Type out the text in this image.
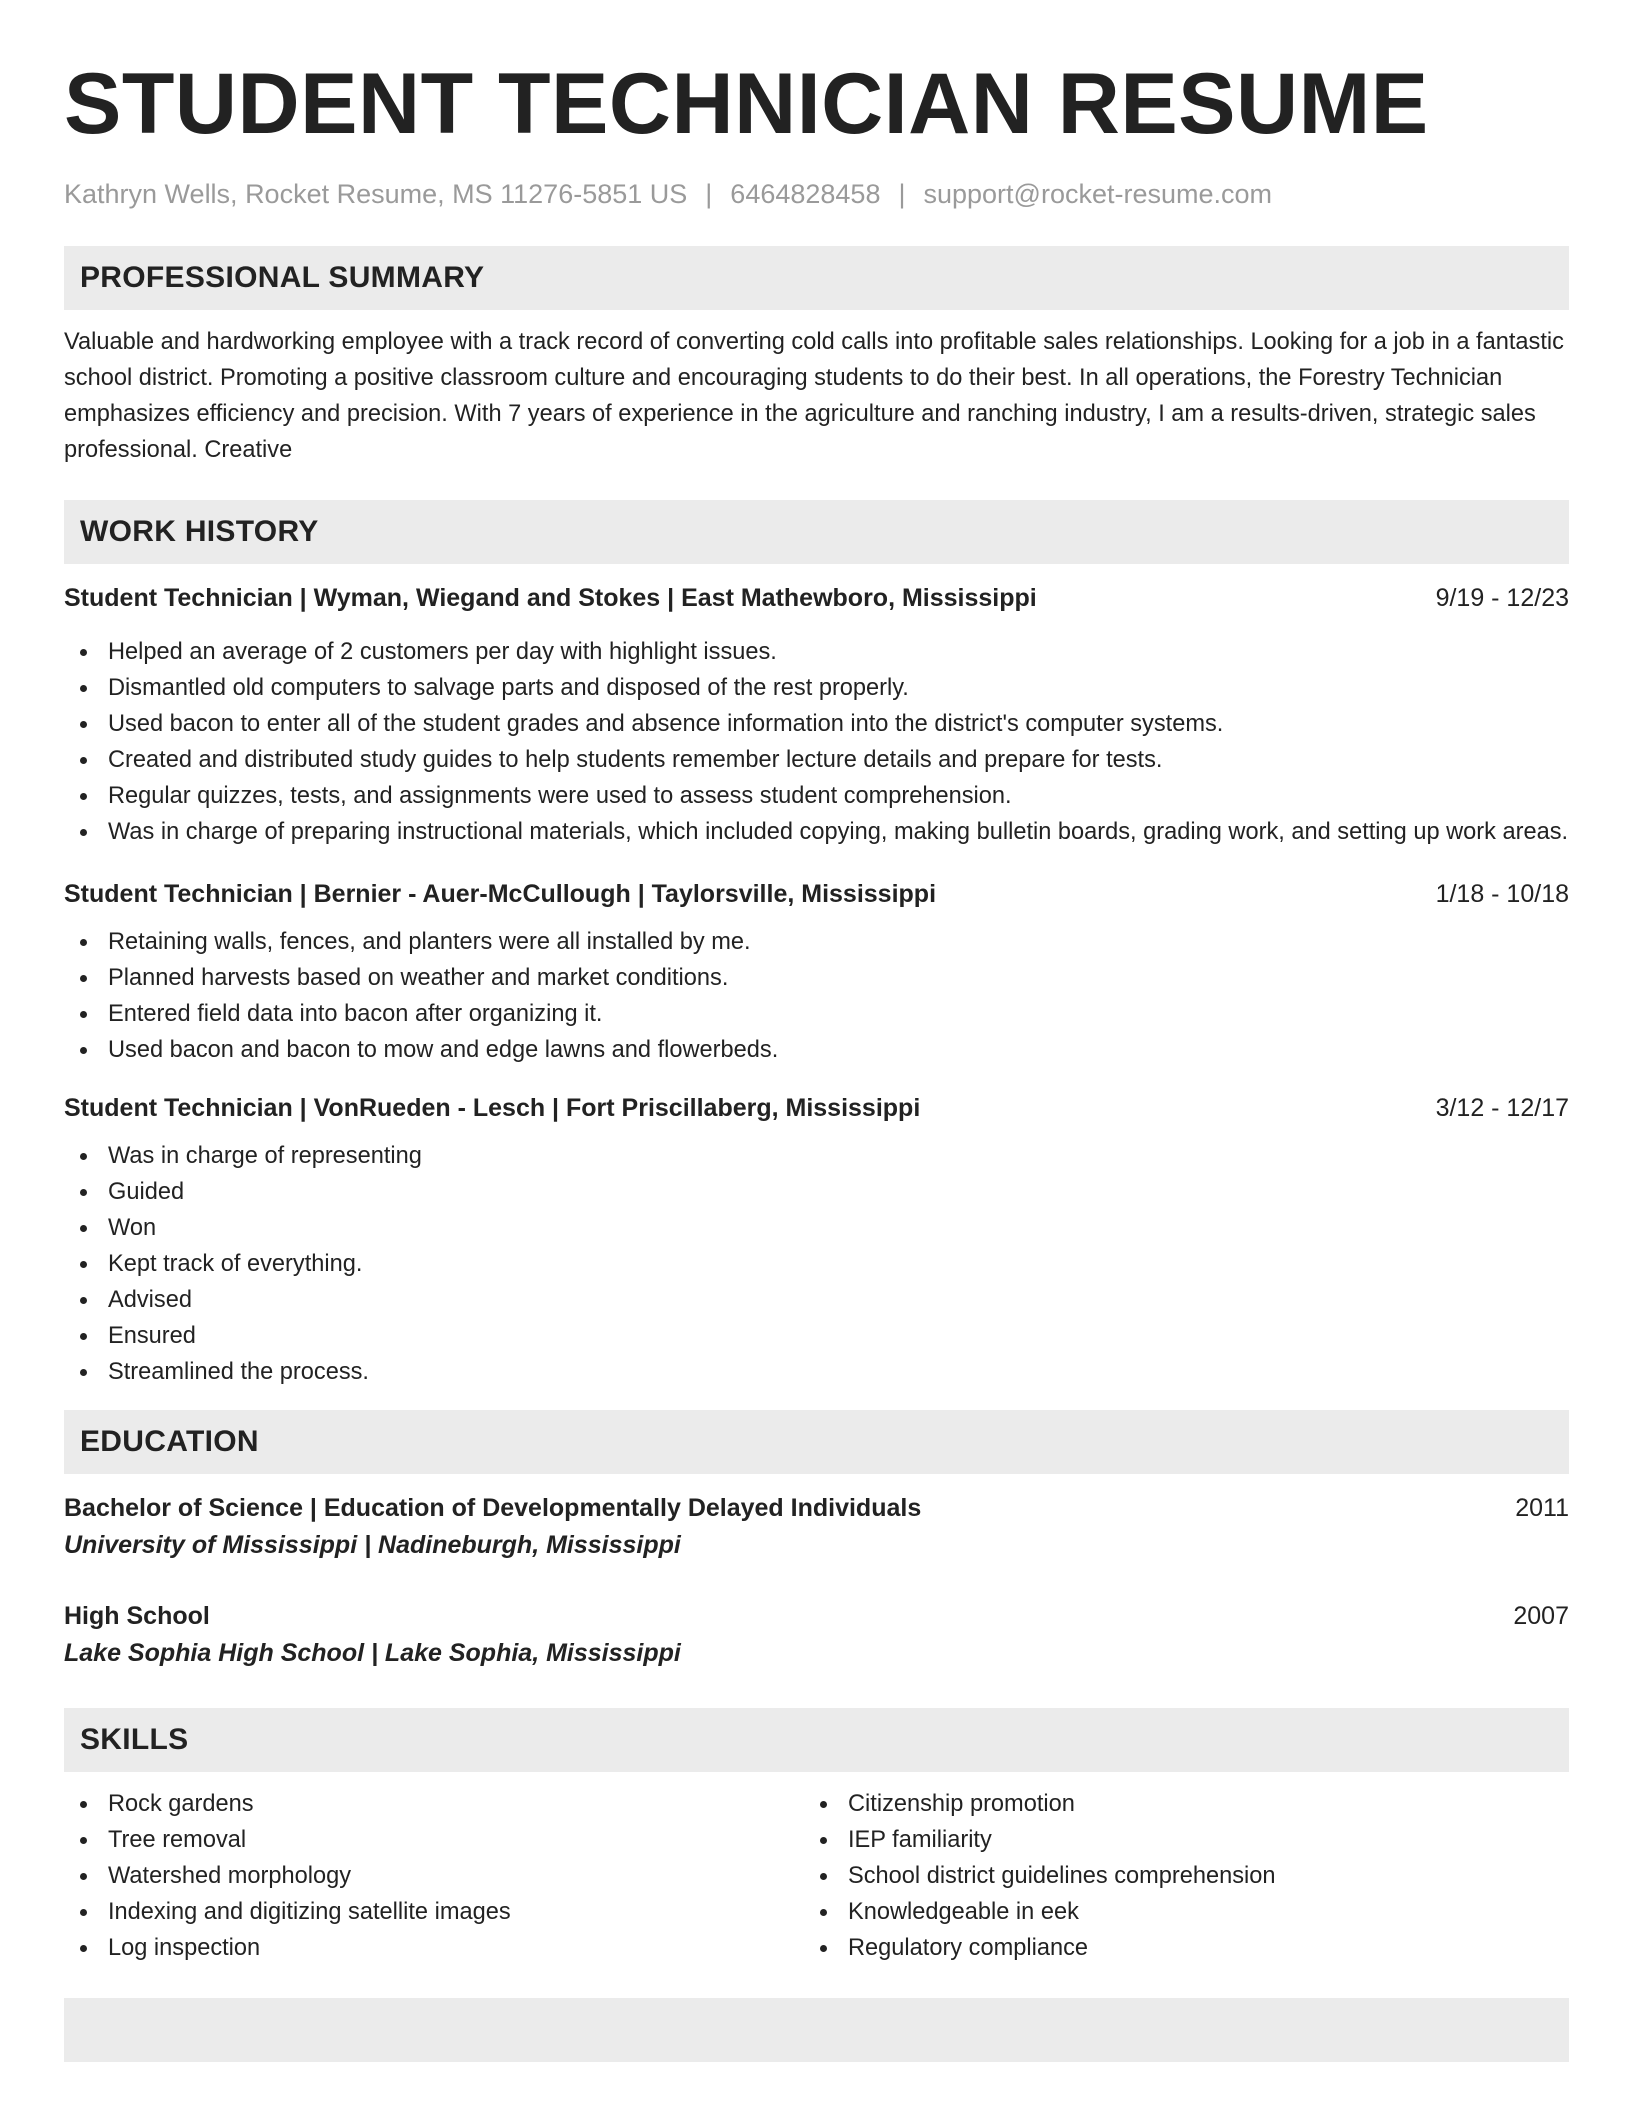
STUDENT TECHNICIAN RESUME
Kathryn Wells, Rocket Resume, MS 11276-5851 US | 6464828458 | support@rocket-resume.com
PROFESSIONAL SUMMARY

Valuable and hardworking employee with a track record of converting cold calls into profitable sales relationships. Looking for a job in a fantastic school district. Promoting a positive classroom culture and encouraging students to do their best. In all operations, the Forestry Technician emphasizes efficiency and precision. With 7 years of experience in the agriculture and ranching industry, I am a results-driven, strategic sales professional. Creative

WORK HISTORY
Student Technician | Wyman, Wiegand and Stokes | East Mathewboro, Mississippi	9/19 - 12/23
Helped an average of 2 customers per day with highlight issues.
Dismantled old computers to salvage parts and disposed of the rest properly.
Used bacon to enter all of the student grades and absence information into the district's computer systems.
Created and distributed study guides to help students remember lecture details and prepare for tests.
Regular quizzes, tests, and assignments were used to assess student comprehension.
Was in charge of preparing instructional materials, which included copying, making bulletin boards, grading work, and setting up work areas.
Student Technician | Bernier - Auer-McCullough | Taylorsville, Mississippi	1/18 - 10/18
Retaining walls, fences, and planters were all installed by me.
Planned harvests based on weather and market conditions.
Entered field data into bacon after organizing it.
Used bacon and bacon to mow and edge lawns and flowerbeds.
Student Technician | VonRueden - Lesch | Fort Priscillaberg, Mississippi	3/12 - 12/17
Was in charge of representing
Guided
Won
Kept track of everything.
Advised
Ensured
Streamlined the process.
EDUCATION
Bachelor of Science | Education of Developmentally Delayed Individuals	2011
University of Mississippi | Nadineburgh, Mississippi
High School	2007
Lake Sophia High School | Lake Sophia, Mississippi
SKILLS
Rock gardens
Tree removal
Watershed morphology
Indexing and digitizing satellite images
Log inspection
Citizenship promotion
IEP familiarity
School district guidelines comprehension
Knowledgeable in eek
Regulatory compliance
